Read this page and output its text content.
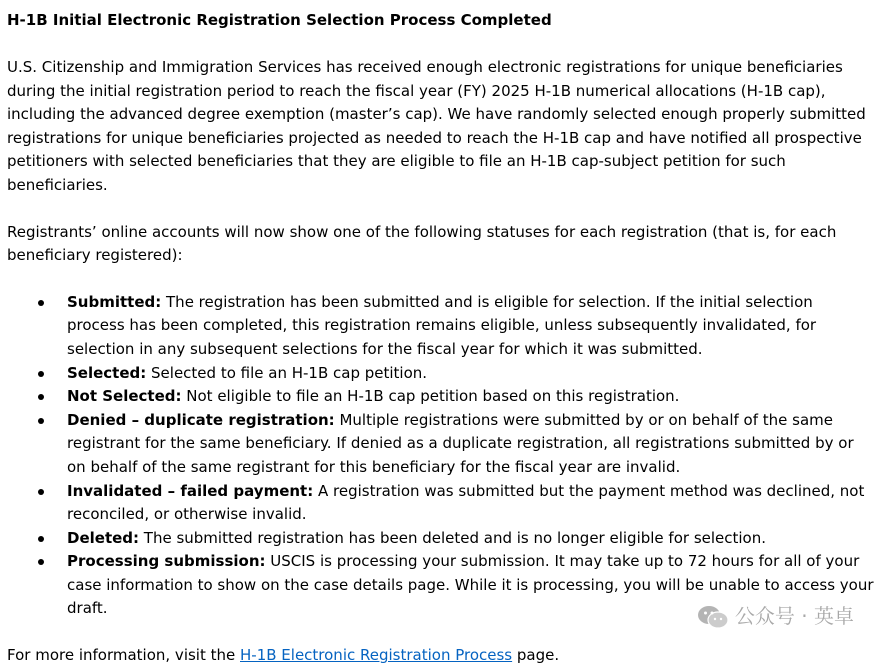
H-1B Initial Electronic Registration Selection Process Completed

U.S. Citizenship and Immigration Services has received enough electronic registrations for unique beneficiaries during the initial registration period to reach the fiscal year (FY) 2025 H-1B numerical allocations (H-1B cap), including the advanced degree exemption (master’s cap). We have randomly selected enough properly submitted registrations for unique beneficiaries projected as needed to reach the H-1B cap and have notified all prospective petitioners with selected beneficiaries that they are eligible to file an H-1B cap-subject petition for such beneficiaries.

Registrants’ online accounts will now show one of the following statuses for each registration (that is, for each beneficiary registered):

Submitted: The registration has been submitted and is eligible for selection. If the initial selection process has been completed, this registration remains eligible, unless subsequently invalidated, for selection in any subsequent selections for the fiscal year for which it was submitted.
Selected: Selected to file an H-1B cap petition.
Not Selected: Not eligible to file an H-1B cap petition based on this registration.
Denied – duplicate registration: Multiple registrations were submitted by or on behalf of the same registrant for the same beneficiary. If denied as a duplicate registration, all registrations submitted by or on behalf of the same registrant for this beneficiary for the fiscal year are invalid.
Invalidated – failed payment: A registration was submitted but the payment method was declined, not reconciled, or otherwise invalid.
Deleted: The submitted registration has been deleted and is no longer eligible for selection.
Processing submission: USCIS is processing your submission. It may take up to 72 hours for all of your case information to show on the case details page. While it is processing, you will be unable to access your draft.

For more information, visit the H-1B Electronic Registration Process page.

公众号 · 英卓
